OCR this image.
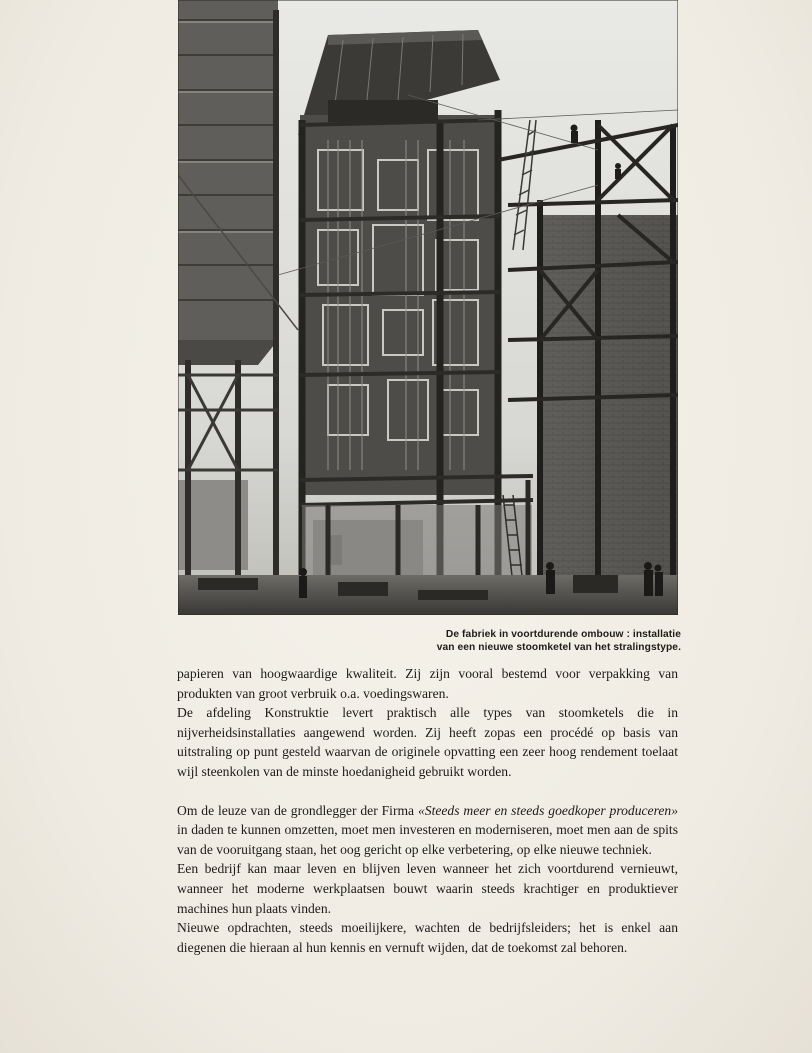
De fabriek in voortdurende ombouw : installatie
van een nieuwe stoomketel van het stralingstype.

papieren van hoogwaardige kwaliteit. Zij zijn vooral bestemd voor verpakking van produkten van groot verbruik o.a. voedingswaren.

De afdeling Konstruktie levert praktisch alle types van stoomketels die in nijverheidsinstallaties aangewend worden. Zij heeft zopas een procédé op basis van uitstraling op punt gesteld waarvan de originele opvatting een zeer hoog rendement toelaat wijl steenkolen van de minste hoedanigheid gebruikt worden.

Om de leuze van de grondlegger der Firma «Steeds meer en steeds goedkoper produceren» in daden te kunnen omzetten, moet men investeren en moderniseren, moet men aan de spits van de vooruitgang staan, het oog gericht op elke verbetering, op elke nieuwe techniek.

Een bedrijf kan maar leven en blijven leven wanneer het zich voortdurend vernieuwt, wanneer het moderne werkplaatsen bouwt waarin steeds krachtiger en produktiever machines hun plaats vinden.

Nieuwe opdrachten, steeds moeilijkere, wachten de bedrijfsleiders; het is enkel aan diegenen die hieraan al hun kennis en vernuft wijden, dat de toekomst zal behoren.
